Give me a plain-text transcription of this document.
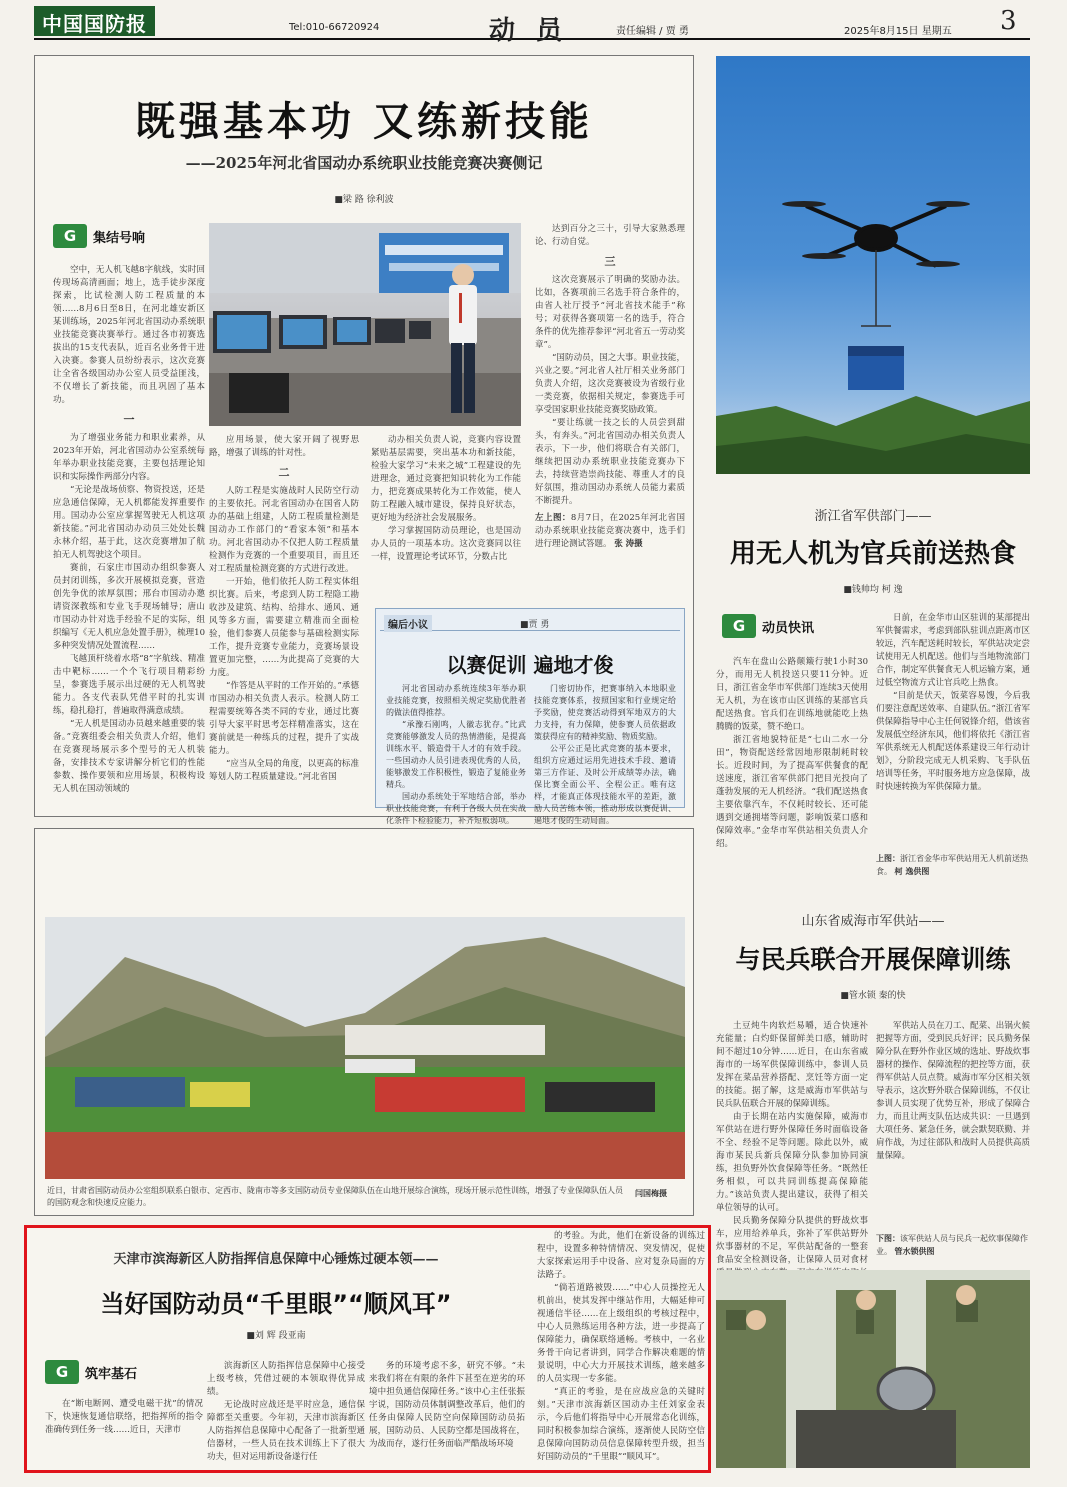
中国国防报	Tel:010-66720924	动 员	责任编辑 / 贾 勇	2025年8月15日 星期五 3
既强基本功 又练新技能
——2025年河北省国动办系统职业技能竞赛决赛侧记
■梁 路 徐利波
G	集结号响

空中，无人机飞越8字航线，实时回传现场高清画面；地上，选手徒步深度探索，比试检测人防工程质量的本领……8月6日至8日，在河北雄安新区某训练场，2025年河北省国动办系统职业技能竞赛决赛举行。通过各市初赛选拔出的15支代表队，近百名业务骨干进入决赛。参赛人员纷纷表示，这次竞赛让全省各级国动办公室人员受益匪浅，不仅增长了新技能，而且巩固了基本功。

一

为了增强业务能力和职业素养，从2023年开始，河北省国动办公室系统每年举办职业技能竞赛，主要包括理论知识和实际操作两部分内容。

“无论是战场侦察、物资投送，还是应急通信保障，无人机都能发挥重要作用。国动办公室应掌握驾驶无人机这项新技能。”河北省国动办动员三处处长魏永林介绍，基于此，这次竞赛增加了航拍无人机驾驶这个项目。

赛前，石家庄市国动办组织参赛人员封闭训练，多次开展模拟竞赛，营造创先争优的浓厚氛围；邢台市国动办邀请资深教练和专业飞手现场辅导；唐山市国动办针对选手经验不足的实际，组织编写《无人机应急处置手册》，梳理10多种突发情况处置流程……

飞越顶杆绕着水塔“8”字航线、精准击中靶标……一个个飞行项目精彩纷呈，参赛选手展示出过硬的无人机驾驶能力。各支代表队凭借平时的扎实训练，稳扎稳打，普遍取得满意成绩。

“无人机是国动办员越来越重要的装备。”竞赛组委会相关负责人介绍，他们在竞赛现场展示多个型号的无人机装备，安排技术专家讲解分析它们的性能参数、操作要领和应用场景，积极构设无人机在国动领域的

应用场景，使大家开阔了视野思路，增强了训练的针对性。

二

人防工程是实施战时人民防空行动的主要依托。河北省国动办在国省人防办的基础上组建，人防工程质量检测是国动办工作部门的“看家本领”和基本功。河北省国动办不仅把人防工程质量检测作为竞赛的一个重要项目，而且还对工程质量检测竞赛的方式进行改进。

一开始，他们依托人防工程实体组织比赛。后来，考虑到人防工程隐工勘收涉及建筑、结构、给排水、通风、通风等多方面，需要建立精准而全面检验，他们参赛人员能参与基础检测实际工作，提升竞赛专业能力，竞赛场景设置更加完整，……为此提高了竞赛的大力度。

“作答是从平时的工作开始的。”承德市国动办相关负责人表示。检测人防工程需要统筹各类不同的专业，通过比赛引导大家平时思考怎样精准落实，这在赛前就是一种练兵的过程，提升了实战能力。

“应当从全局的角度，以更高的标准筹划人防工程质量建设。”河北省国

动办相关负责人说，竞赛内容设置紧贴基层需要，突出基本功和新技能，检验大家学习“未来之城”工程建设的先进理念，通过竞赛把知识转化为工作能力，把竞赛成果转化为工作效能，使人防工程融入城市建设，保持良好状态，更好地为经济社会发展服务。

学习掌握国防动员理论，也是国动办人员的一项基本功。这次竞赛同以往一样，设置理论考试环节，分数占比

达到百分之三十，引导大家熟悉理论、行动自觉。

三

这次竞赛展示了明确的奖励办法。比如，各赛项前三名选手符合条件的，由省人社厅授予“河北省技术能手”称号；对获得各赛项第一名的选手，符合条件的优先推荐参评“河北省五一劳动奖章”。

“国防动员，国之大事。职业技能，兴业之要。”河北省人社厅相关业务部门负责人介绍，这次竞赛被设为省级行业一类竞赛，依据相关规定，参赛选手可享受国家职业技能竞赛奖励政策。

“要让练就一技之长的人员尝到甜头，有奔头。”河北省国动办相关负责人表示，下一步，他们将联合有关部门，继续把国动办系统职业技能竞赛办下去，持续营造崇尚技能、尊重人才的良好氛围，推动国动办系统人员能力素质不断提升。

左上图：8月7日，在2025年河北省国动办系统职业技能竞赛决赛中，选手们进行理论测试答题。 张 涛摄

编后小议	■贾 勇
以赛促训 遍地才俊

河北省国动办系统连续3年举办职业技能竞赛，按照相关规定奖励优胜者的做法值得推荐。

“承豫石刚鸣，人徽志犹存。”比武竞赛能够激发人员的热情潜能，是提高训练水平、锻造骨干人才的有效手段。一些国动办人员引进表现优秀的人员，能够激发工作积极性，锻造了复能业务精兵。

国动办系统处于军地结合部，举办职业技能竞赛，有利于各级人员在实战化条件下检验能力，补齐短板弱项。

门密切协作，把赛事纳入本地职业技能竞赛体系，按照国家和行业规定给予奖励，使竞赛活动得到军地双方的大力支持，有力保障，使参赛人员依据政策获得应有的精神奖励、物质奖励。

公平公正是比武竞赛的基本要求，组织方应通过运用先进技术手段、邀请第三方作证、及时公开成绩等办法，确保比赛全面公平、全程公正。唯有这样，才能真正体现技能水平的差距，激励人员苦练本领，推动形成以赛促训、遍地才俊的生动局面。

近日，甘肃省国防动员办公室组织联系白银市、定西市、陇南市等多支国防动员专业保障队伍在山地开展综合演练，现场开展示范性训练，增强了专业保障队伍人员的国防观念和快速反应能力。
闫国梅摄
浙江省军供部门——
用无人机为官兵前送热食
■钱帅均 柯 逸
G	动员快讯

汽车在盘山公路颠簸行驶1小时30分，而用无人机投送只要11分钟。近日，浙江省金华市军供部门连续3天使用无人机，为在该市山区训练的某部官兵配送热食。官兵们在训练地就能吃上热腾腾的饭菜，赞不绝口。

浙江省地貌特征是“七山二水一分田”，物资配送经常因地形限制耗时较长。近段时间，为了提高军供餐食的配送速度，浙江省军供部门把目光投向了蓬勃发展的无人机经济。“我们配送热食主要依靠汽车，不仅耗时较长、还可能遇到交通拥堵等问题，影响饭菜口感和保障效率。”金华市军供站相关负责人介绍。

日前，在金华市山区驻训的某部提出军供餐需求，考虑到部队驻训点距离市区较远，汽车配送耗时较长，军供站决定尝试使用无人机配送。他们与当地物流部门合作，制定军供餐食无人机运输方案，通过低空物流方式让官兵吃上热食。

“目前是伏天，饭菜容易馊，今后我们要注意配送效率、自建队伍。”浙江省军供保障指导中心主任何锐锋介绍，借该省发展低空经济东风，他们将依托《浙江省军供系统无人机配送体系建设三年行动计划》，分阶段完成无人机采购、飞手队伍培训等任务，平时服务地方应急保障，战时快速转换为军供保障力量。

上图：浙江省金华市军供站用无人机前送热食。 柯 逸供图
山东省威海市军供站——
与民兵联合开展保障训练
■管水锁 秦的快

土豆炖牛肉软烂易嚼，适合快速补充能量；白灼虾保留鲜美口感，辅助时间不超过10分钟……近日，在山东省威海市的一场军供保障训练中，参训人员发挥在菜品营养搭配、烹饪等方面一定的技能。据了解，这是威海市军供站与民兵队伍联合开展的保障训练。

由于长期在站内实施保障，威海市军供站在进行野外保障任务时面临设备不全、经验不足等问题。除此以外，威海市某民兵新兵保障分队参加协同演练，担负野外饮食保障等任务。“既然任务相似，可以共同训练提高保障能力。”该站负责人提出建议，获得了相关单位领导的认可。

民兵勤务保障分队提供的野战炊事车，应用给养单兵，弥补了军供站野外炊事器材的不足，军供站配备的一整套食品安全检测设备，让保障人员对食材

军供站人员在刀工、配菜、出锅火候把握等方面，受到民兵好评；民兵勤务保障分队在野外作业区域的选址、野战炊事器材的操作、保障流程的把控等方面，获得军供站人员点赞。威海市军分区相关领导表示，这次野外联合保障训练，不仅让参训人员实现了优势互补，形成了保障合力，而且让两支队伍达成共识：一旦遇到大项任务、紧急任务，就会默契联勤、并肩作战，为过往部队和战时人员提供高质量保障。

下图：该军供站人员与民兵一起炊事保障作业。 管水锁供图
天津市滨海新区人防指挥信息保障中心锤炼过硬本领——
当好国防动员“千里眼”“顺风耳”
■刘 辉 段亚南
G	筑牢基石

在“断电断网、遭受电磁干扰”的情况下，快速恢复通信联络，把指挥所的指令准确传到任务一线……近日，天津市

滨海新区人防指挥信息保障中心接受上级考核，凭借过硬的本领取得优异成绩。

无论战时应战还是平时应急，通信保障都至关重要。今年初，天津市滨海新区人防指挥信息保障中心配备了一批新型通信器材，一些人员在技术训练上下了很大功夫，但对运用新设备遂行任

务的环境考虑不多，研究不够。“未来我们将在有限的条件下甚至在逆劣的环境中担负通信保障任务。”该中心主任张振宇说，国防动员体制调整改革后，他们的任务由保障人民防空向保障国防动员拓展，国防动员、人民防空都是国战将在，为战而存，遂行任务面临严酷战场环境

的考验。为此，他们在新设备的训练过程中，设置多种特情情况、突发情况，促使大家探索运用手中设备、应对复杂局面的方法路子。

“倘若道路被毁……”中心人员操控无人机前出，使其发挥中继站作用，大幅延伸可视通信半径……在上级组织的考核过程中，中心人员熟练运用各种方法，进一步提高了保障能力，确保联络通畅。考核中，一名业务骨干向记者讲到，同学合作解决难题的情景说明，中心大力开展技术训练，越来越多的人员实现一专多能。

“真正的考验，是在应战应急的关键时刻。”天津市滨海新区国动办主任刘家金表示，今后他们将指导中心开展常态化训练，同时积极参加综合演练，逐渐使人民防空信息保障向国防动员信息保障转型升级，担当好国防动员的“千里眼”“顺风耳”。
